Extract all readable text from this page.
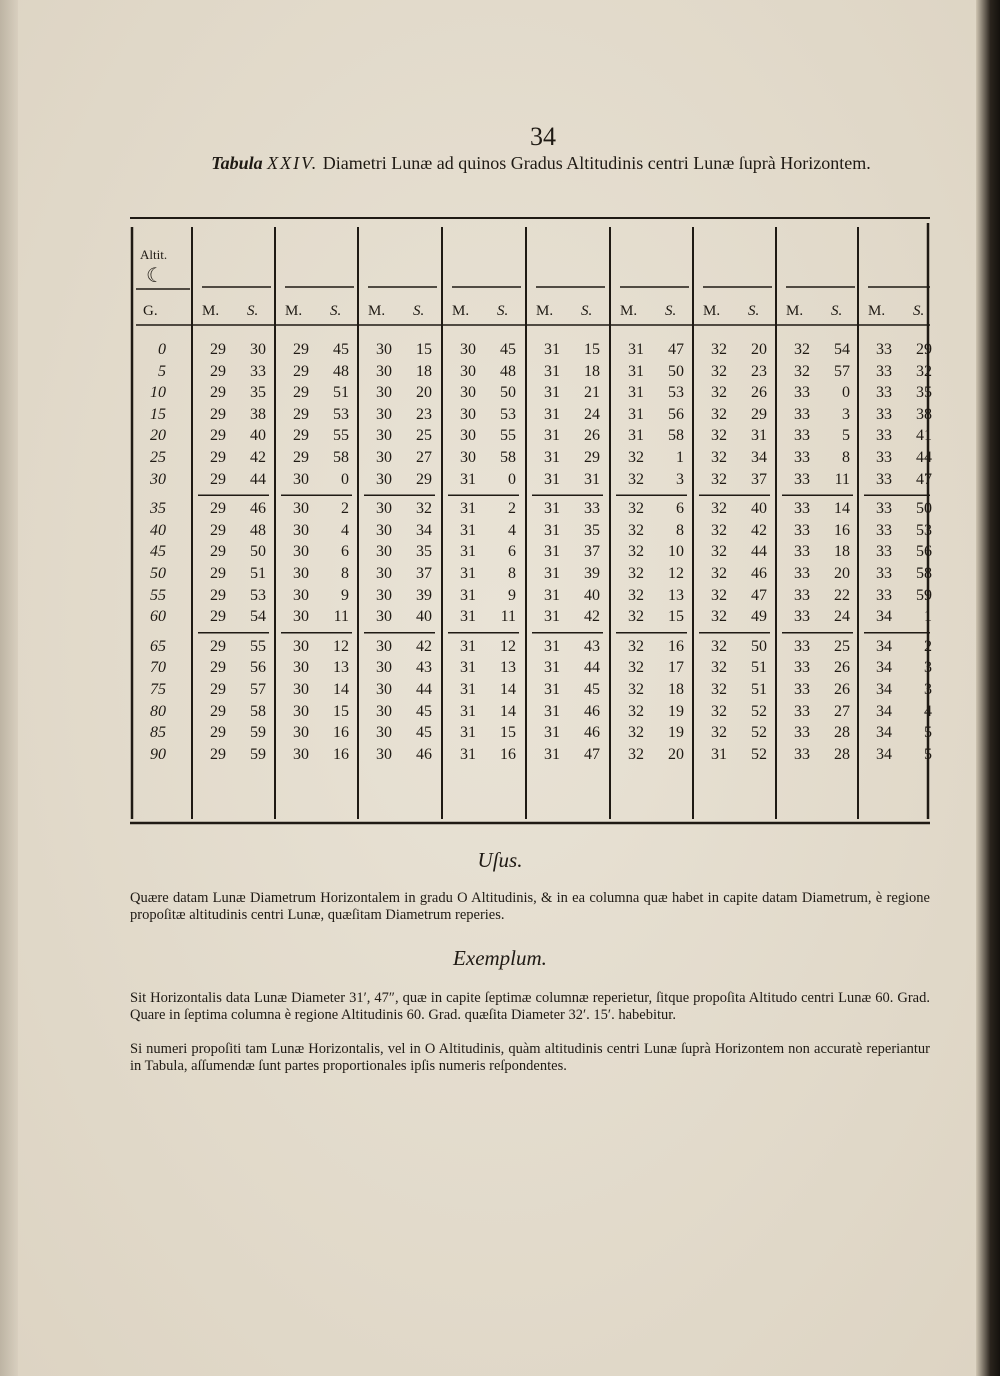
34
Tabula XXIV. Diametri Lunæ ad quinos Gradus Altitudinis centri Lunæ ſuprà Horizontem.
Altit.
☾
G.	M.	S.	M.	S.	M.	S.	M.	S.	M.	S.	M.	S.	M.	S.	M.	S.	M.	S.
0	29	30	29	45	30	15	30	45	31	15	31	47	32	20	32	54	33	29
5	29	33	29	48	30	18	30	48	31	18	31	50	32	23	32	57	33	32
10	29	35	29	51	30	20	30	50	31	21	31	53	32	26	33	0	33	35
15	29	38	29	53	30	23	30	53	31	24	31	56	32	29	33	3	33	38
20	29	40	29	55	30	25	30	55	31	26	31	58	32	31	33	5	33	41
25	29	42	29	58	30	27	30	58	31	29	32	1	32	34	33	8	33	44
30	29	44	30	0	30	29	31	0	31	31	32	3	32	37	33	11	33	47
35	29	46	30	2	30	32	31	2	31	33	32	6	32	40	33	14	33	50
40	29	48	30	4	30	34	31	4	31	35	32	8	32	42	33	16	33	53
45	29	50	30	6	30	35	31	6	31	37	32	10	32	44	33	18	33	56
50	29	51	30	8	30	37	31	8	31	39	32	12	32	46	33	20	33	58
55	29	53	30	9	30	39	31	9	31	40	32	13	32	47	33	22	33	59
60	29	54	30	11	30	40	31	11	31	42	32	15	32	49	33	24	34	1
65	29	55	30	12	30	42	31	12	31	43	32	16	32	50	33	25	34	2
70	29	56	30	13	30	43	31	13	31	44	32	17	32	51	33	26	34	3
75	29	57	30	14	30	44	31	14	31	45	32	18	32	51	33	26	34	3
80	29	58	30	15	30	45	31	14	31	46	32	19	32	52	33	27	34	4
85	29	59	30	16	30	45	31	15	31	46	32	19	32	52	33	28	34	5
90	29	59	30	16	30	46	31	16	31	47	32	20	31	52	33	28	34	5
Uſus.
Quære datam Lunæ Diametrum Horizontalem in gradu O Altitudinis, & in ea columna quæ habet in capite datam Diametrum, è regione propoſitæ altitudinis centri Lunæ, quæſitam Diametrum reperies.
Exemplum.
Sit Horizontalis data Lunæ Diameter 31′, 47″, quæ in capite ſeptimæ columnæ reperietur, ſitque propoſita Altitudo centri Lunæ 60. Grad. Quare in ſeptima columna è regione Altitudinis 60. Grad. quæſita Diameter 32′. 15′. habebitur.
Si numeri propoſiti tam Lunæ Horizontalis, vel in O Altitudinis, quàm altitudinis centri Lunæ ſuprà Horizontem non accuratè reperiantur in Tabula, aſſumendæ ſunt partes proportionales ipſis numeris reſpondentes.
